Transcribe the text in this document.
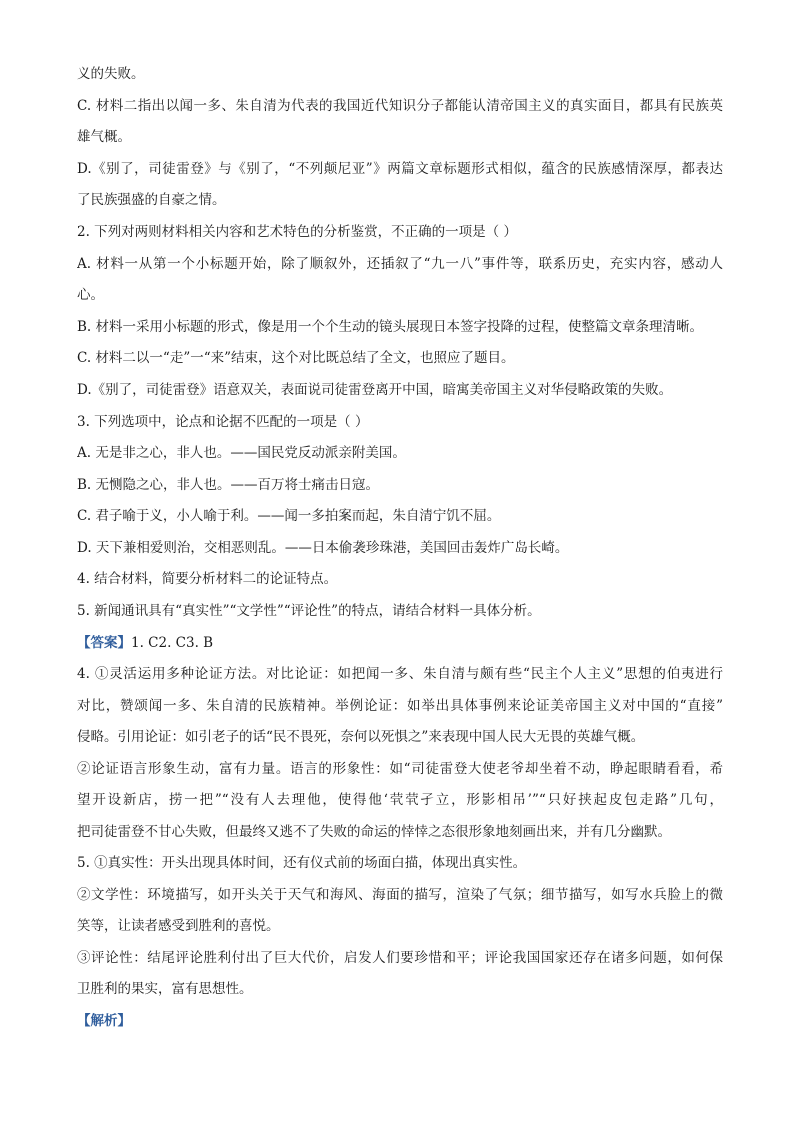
义的失败。
C. 材料二指出以闻一多、朱自清为代表的我国近代知识分子都能认清帝国主义的真实面目，都具有民族英
雄气概。
D.《别了，司徒雷登》与《别了，“不列颠尼亚”》两篇文章标题形式相似，蕴含的民族感情深厚，都表达
了民族强盛的自豪之情。
2. 下列对两则材料相关内容和艺术特色的分析鉴赏，不正确的一项是（ ）
A. 材料一从第一个小标题开始，除了顺叙外，还插叙了“九一八”事件等，联系历史，充实内容，感动人
心。
B. 材料一采用小标题的形式，像是用一个个生动的镜头展现日本签字投降的过程，使整篇文章条理清晰。
C. 材料二以一“走”一“来”结束，这个对比既总结了全文，也照应了题目。
D.《别了，司徒雷登》语意双关，表面说司徒雷登离开中国，暗寓美帝国主义对华侵略政策的失败。
3. 下列选项中，论点和论据不匹配的一项是（ ）
A. 无是非之心，非人也。——国民党反动派亲附美国。
B. 无恻隐之心，非人也。——百万将士痛击日寇。
C. 君子喻于义，小人喻于利。——闻一多拍案而起，朱自清宁饥不屈。
D. 天下兼相爱则治，交相恶则乱。——日本偷袭珍珠港，美国回击轰炸广岛长崎。
4. 结合材料，简要分析材料二的论证特点。
5. 新闻通讯具有“真实性”“文学性”“评论性”的特点，请结合材料一具体分析。
【答案】1. C2. C3. B
4. ①灵活运用多种论证方法。对比论证：如把闻一多、朱自清与颇有些“民主个人主义”思想的伯夷进行
对比，赞颂闻一多、朱自清的民族精神。举例论证：如举出具体事例来论证美帝国主义对中国的“直接”
侵略。引用论证：如引老子的话“民不畏死，奈何以死惧之”来表现中国人民大无畏的英雄气概。
②论证语言形象生动，富有力量。语言的形象性：如“司徒雷登大使老爷却坐着不动，睁起眼睛看看，希
望开设新店，捞一把”“没有人去理他，使得他‘茕茕孑立，形影相吊’”“只好挟起皮包走路”几句，
把司徒雷登不甘心失败，但最终又逃不了失败的命运的悻悻之态很形象地刻画出来，并有几分幽默。
5. ①真实性：开头出现具体时间，还有仪式前的场面白描，体现出真实性。
②文学性：环境描写，如开头关于天气和海风、海面的描写，渲染了气氛；细节描写，如写水兵脸上的微
笑等，让读者感受到胜利的喜悦。
③评论性：结尾评论胜利付出了巨大代价，启发人们要珍惜和平；评论我国国家还存在诸多问题，如何保
卫胜利的果实，富有思想性。
【解析】
